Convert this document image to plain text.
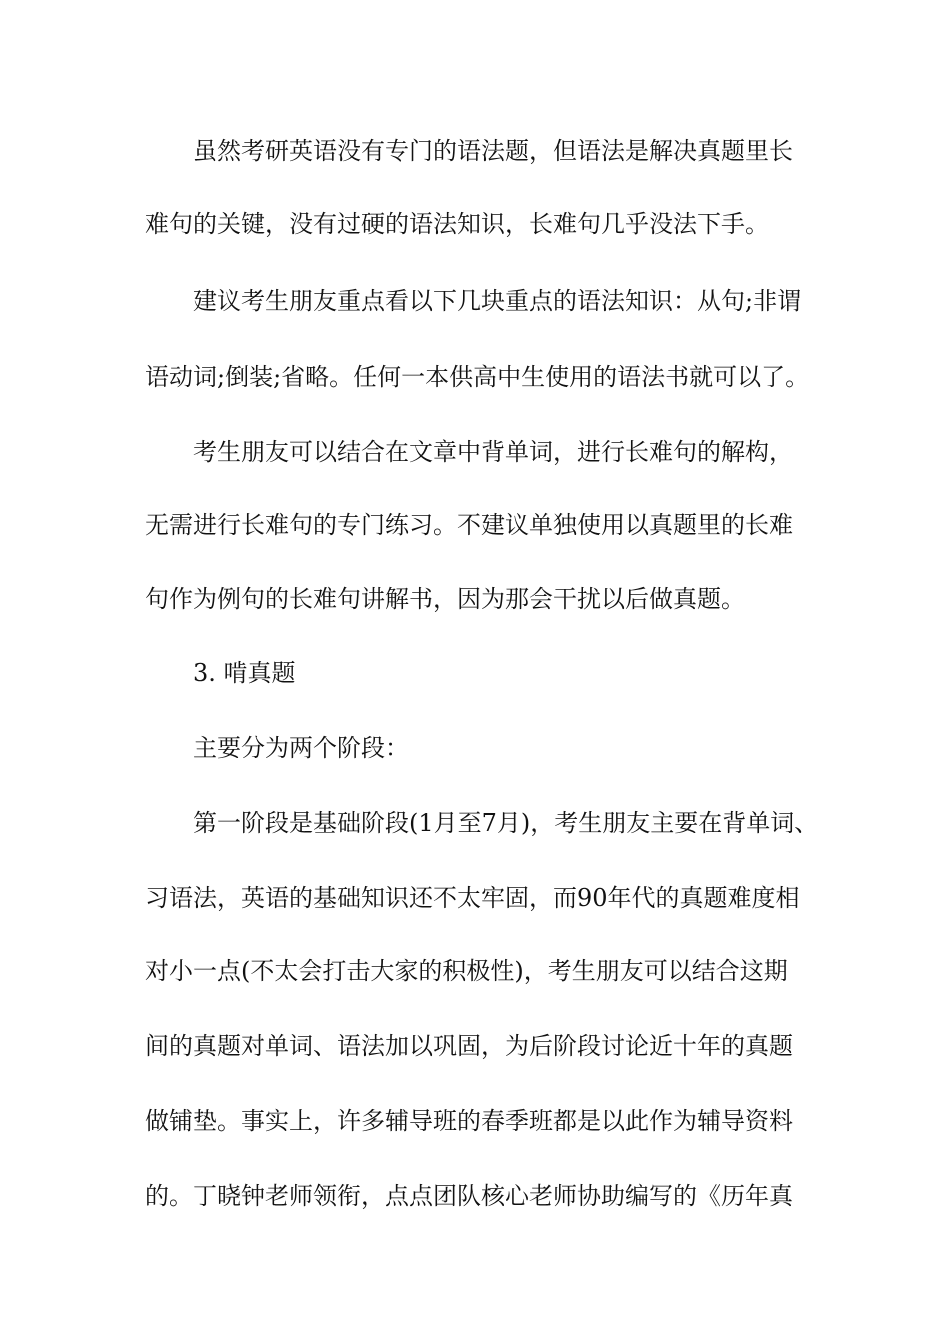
虽然考研英语没有专门的语法题，但语法是解决真题里长
难句的关键，没有过硬的语法知识，长难句几乎没法下手。
建议考生朋友重点看以下几块重点的语法知识：从句;非谓
语动词;倒装;省略。任何一本供高中生使用的语法书就可以了。
考生朋友可以结合在文章中背单词，进行长难句的解构，
无需进行长难句的专门练习。不建议单独使用以真题里的长难
句作为例句的长难句讲解书，因为那会干扰以后做真题。
3. 啃真题
主要分为两个阶段：
第一阶段是基础阶段(1月至7月)，考生朋友主要在背单词、
习语法，英语的基础知识还不太牢固，而90年代的真题难度相
对小一点(不太会打击大家的积极性)，考生朋友可以结合这期
间的真题对单词、语法加以巩固，为后阶段讨论近十年的真题
做铺垫。事实上，许多辅导班的春季班都是以此作为辅导资料
的。丁晓钟老师领衔，点点团队核心老师协助编写的《历年真
